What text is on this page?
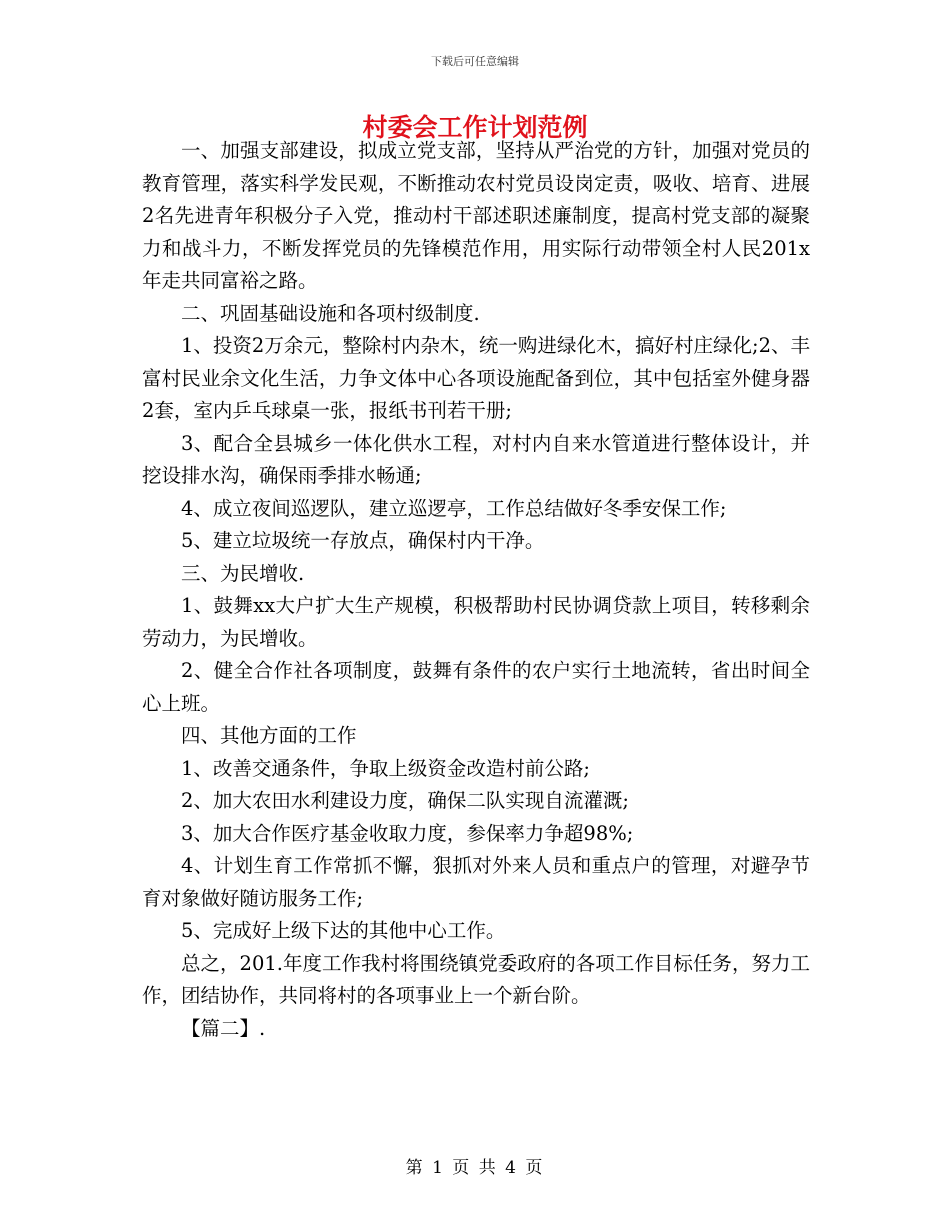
下载后可任意编辑
村委会工作计划范例

一、加强支部建设，拟成立党支部，坚持从严治党的方针，加强对党员的教育管理，落实科学发民观，不断推动农村党员设岗定责，吸收、培育、进展2名先进青年积极分子入党，推动村干部述职述廉制度，提高村党支部的凝聚力和战斗力，不断发挥党员的先锋模范作用，用实际行动带领全村人民201x年走共同富裕之路。

二、巩固基础设施和各项村级制度.

1、投资2万余元，整除村内杂木，统一购进绿化木，搞好村庄绿化;2、丰富村民业余文化生活，力争文体中心各项设施配备到位，其中包括室外健身器2套，室内乒乓球桌一张，报纸书刊若干册;

3、配合全县城乡一体化供水工程，对村内自来水管道进行整体设计，并挖设排水沟，确保雨季排水畅通;

4、成立夜间巡逻队，建立巡逻亭，工作总结做好冬季安保工作;

5、建立垃圾统一存放点，确保村内干净。

三、为民增收.

1、鼓舞xx大户扩大生产规模，积极帮助村民协调贷款上项目，转移剩余劳动力，为民增收。

2、健全合作社各项制度，鼓舞有条件的农户实行土地流转，省出时间全心上班。

四、其他方面的工作

1、改善交通条件，争取上级资金改造村前公路;

2、加大农田水利建设力度，确保二队实现自流灌溉;

3、加大合作医疗基金收取力度，参保率力争超98%;

4、计划生育工作常抓不懈，狠抓对外来人员和重点户的管理，对避孕节育对象做好随访服务工作;

5、完成好上级下达的其他中心工作。

总之，201.年度工作我村将围绕镇党委政府的各项工作目标任务，努力工作，团结协作，共同将村的各项事业上一个新台阶。

【篇二】.

第 1 页 共 4 页
